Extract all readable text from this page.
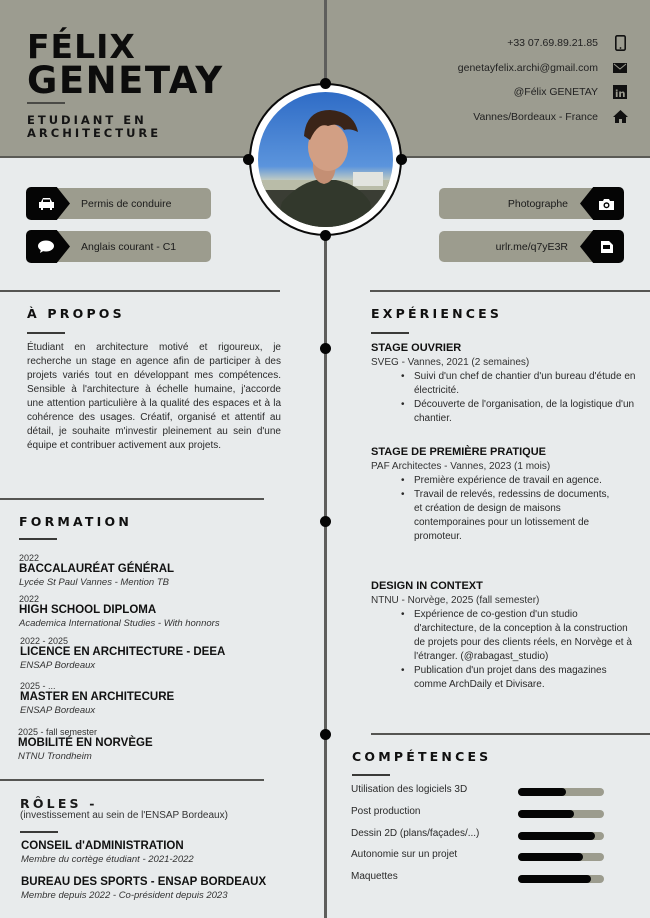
FÉLIX
GENETAY
ETUDIANT EN
ARCHITECTURE
+33 07.69.89.21.85
genetayfelix.archi@gmail.com
@Félix GENETAY in
Vannes/Bordeaux - France
Permis de conduire
Anglais courant - C1
Photographe
urlr.me/q7yE3R
À PROPOS
Étudiant en architecture motivé et rigoureux, je recherche un stage en agence afin de participer à des projets variés tout en développant mes compétences. Sensible à l'architecture à échelle humaine, j'accorde une attention particulière à la qualité des espaces et à la cohérence des usages. Créatif, organisé et attentif au détail, je souhaite m'investir pleinement au sein d'une équipe et contribuer activement aux projets.
FORMATION
2022
BACCALAURÉAT GÉNÉRAL
Lycée St Paul Vannes - Mention TB
2022
HIGH SCHOOL DIPLOMA
Academica International Studies - With honnors
2022 - 2025
LICENCE EN ARCHITECTURE - DEEA
ENSAP Bordeaux
2025 - ...
MASTER EN ARCHITECURE
ENSAP Bordeaux
2025 - fall semester
MOBILITÉ EN NORVÈGE
NTNU Trondheim
RÔLES -
(investissement au sein de l'ENSAP Bordeaux)
CONSEIL d'ADMINISTRATION
Membre du cortège étudiant - 2021-2022
BUREAU DES SPORTS - ENSAP BORDEAUX
Membre depuis 2022 - Co-président depuis 2023
EXPÉRIENCES
STAGE OUVRIER
SVEG - Vannes, 2021 (2 semaines)
• Suivi d'un chef de chantier d'un bureau d'étude en électricité.
• Découverte de l'organisation, de la logistique d'un chantier.
STAGE DE PREMIÈRE PRATIQUE
PAF Architectes - Vannes, 2023 (1 mois)
• Première expérience de travail en agence.
• Travail de relevés, redessins de documents, et création de design de maisons contemporaines pour un lotissement de promoteur.
DESIGN IN CONTEXT
NTNU - Norvège, 2025 (fall semester)
• Expérience de co-gestion d'un studio d'architecture, de la conception à la construction de projets pour des clients réels, en Norvège et à l'étranger. (@rabagast_studio)
• Publication d'un projet dans des magazines comme ArchDaily et Divisare.
COMPÉTENCES
Utilisation des logiciels 3D
Post production
Dessin 2D (plans/façades/...)
Autonomie sur un projet
Maquettes
